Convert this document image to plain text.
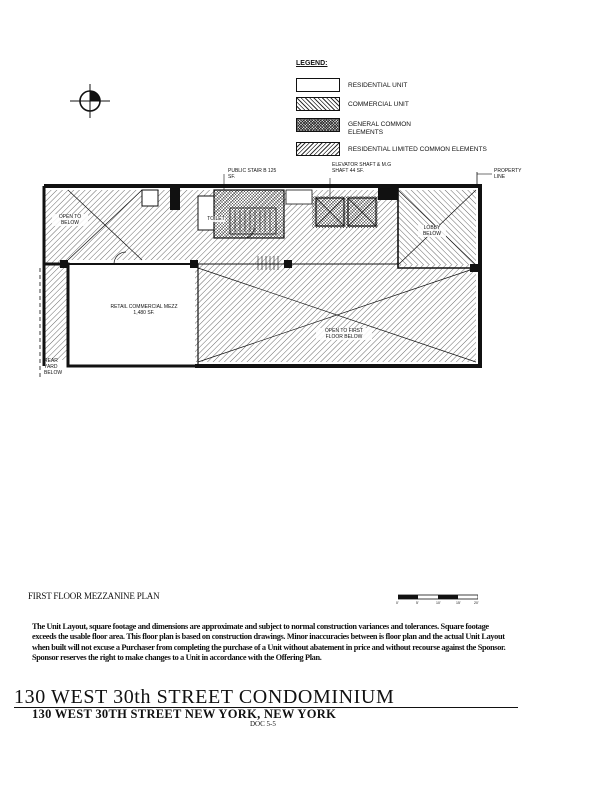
LEGEND:
RESIDENTIAL UNIT
COMMERCIAL UNIT
GENERAL COMMON ELEMENTS
RESIDENTIAL LIMITED COMMON ELEMENTS
PUBLIC STAIR B 125 SF.
ELEVATOR SHAFT & M.G SHAFT 44 SF.	PROPERTY LINE
REAR YARD BELOW
OPEN TO BELOW
TOILET
LOBBY BELOW
RETAIL COMMERCIAL MEZZ 1,480 SF.
OPEN TO FIRST FLOOR BELOW
FIRST FLOOR MEZZANINE PLAN
0'	5'	10'	15'	20'
The Unit Layout, square footage and dimensions are approximate and subject to normal construction variances and tolerances. Square footage exceeds the usable floor area. This floor plan is based on construction drawings. Minor inaccuracies between is floor plan and the actual Unit Layout when built will not excuse a Purchaser from completing the purchase of a Unit without abatement in price and without recourse against the Sponsor. Sponsor reserves the right to make changes to a Unit in accordance with the Offering Plan.
130 WEST 30th STREET CONDOMINIUM
130 WEST 30TH STREET NEW YORK, NEW YORK
DOC 5-5
